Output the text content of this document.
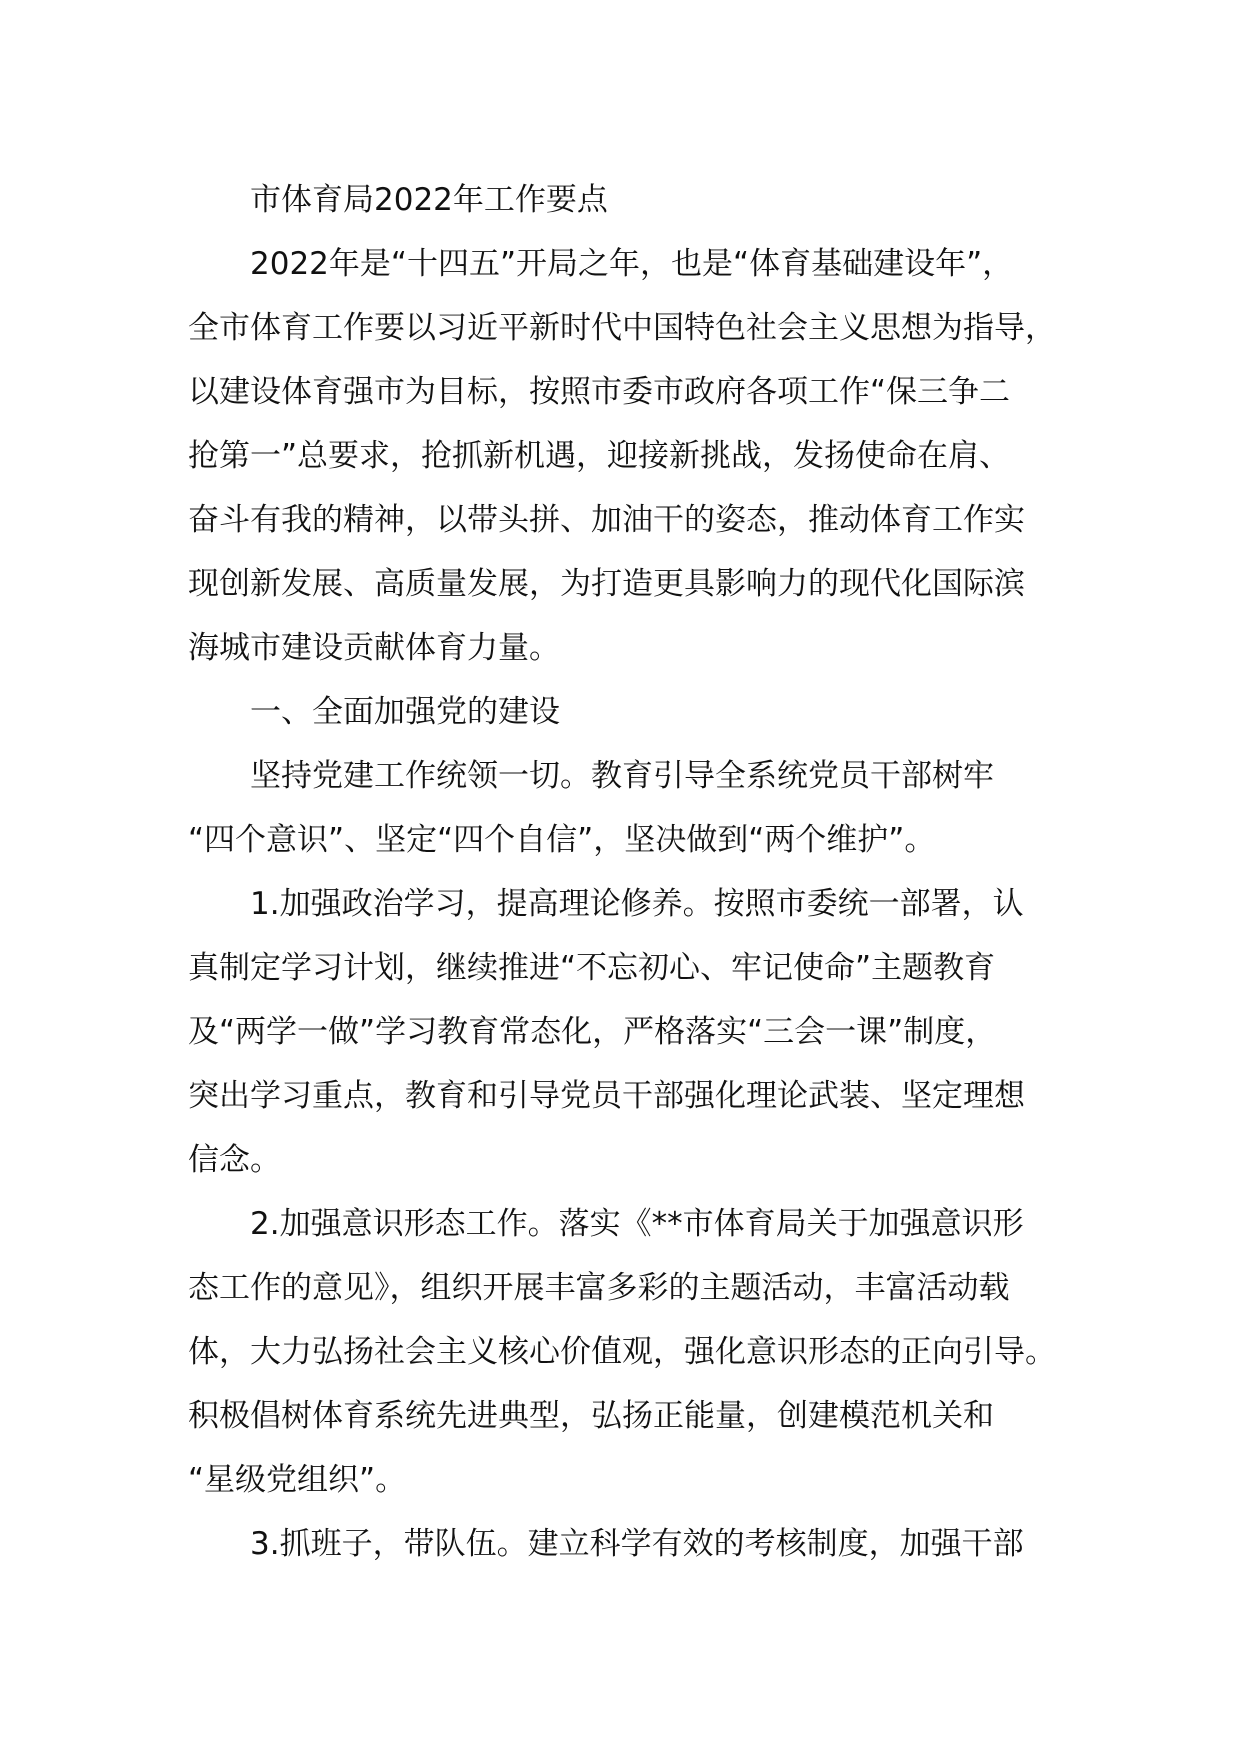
市体育局2022年工作要点
2022年是“十四五”开局之年，也是“体育基础建设年”，
全市体育工作要以习近平新时代中国特色社会主义思想为指导，
以建设体育强市为目标，按照市委市政府各项工作“保三争二
抢第一”总要求，抢抓新机遇，迎接新挑战，发扬使命在肩、
奋斗有我的精神，以带头拼、加油干的姿态，推动体育工作实
现创新发展、高质量发展，为打造更具影响力的现代化国际滨
海城市建设贡献体育力量。
一、全面加强党的建设
坚持党建工作统领一切。教育引导全系统党员干部树牢
“四个意识”、坚定“四个自信”，坚决做到“两个维护”。
1.加强政治学习，提高理论修养。按照市委统一部署，认
真制定学习计划，继续推进“不忘初心、牢记使命”主题教育
及“两学一做”学习教育常态化，严格落实“三会一课”制度，
突出学习重点，教育和引导党员干部强化理论武装、坚定理想
信念。
2.加强意识形态工作。落实《**市体育局关于加强意识形
态工作的意见》，组织开展丰富多彩的主题活动，丰富活动载
体，大力弘扬社会主义核心价值观，强化意识形态的正向引导。
积极倡树体育系统先进典型，弘扬正能量，创建模范机关和
“星级党组织”。
3.抓班子，带队伍。建立科学有效的考核制度，加强干部
